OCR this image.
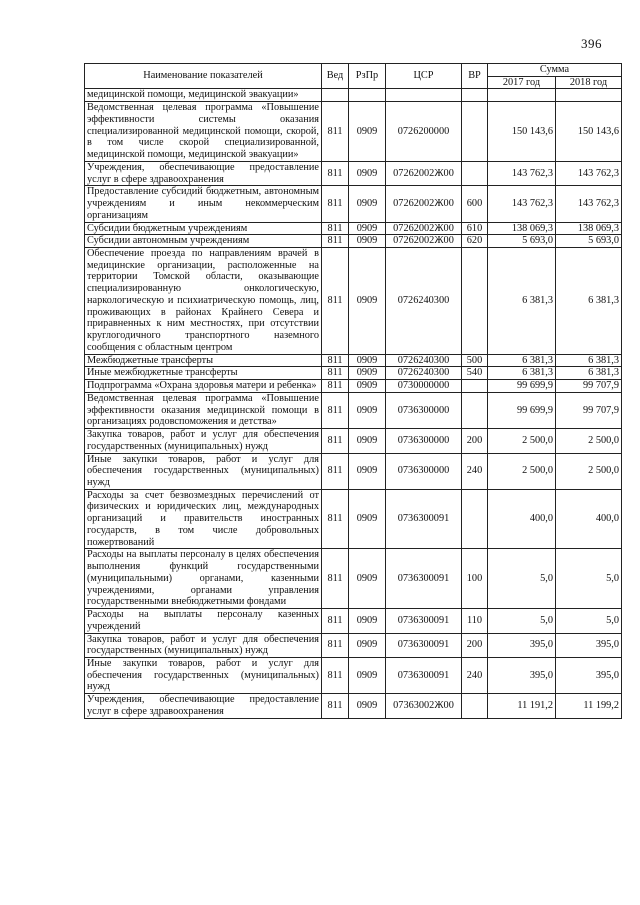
396
Наименование показателей	Вед	РзПр	ЦСР	ВР	Сумма	
					2017 год	2018 год
медицинской помощи, медицинской эвакуации»						
Ведомственная целевая программа «Повышение эффективности системы оказания специализированной медицинской помощи, скорой, в том числе скорой специализированной, медицинской помощи, медицинской эвакуации»	811	0909	0726200000		150 143,6	150 143,6
Учреждения, обеспечивающие предоставление услуг в сфере здравоохранения	811	0909	07262002Ж00		143 762,3	143 762,3
Предоставление субсидий бюджетным, автономным учреждениям и иным некоммерческим организациям	811	0909	07262002Ж00	600	143 762,3	143 762,3
Субсидии бюджетным учреждениям	811	0909	07262002Ж00	610	138 069,3	138 069,3
Субсидии автономным учреждениям	811	0909	07262002Ж00	620	5 693,0	5 693,0
Обеспечение проезда по направлениям врачей в медицинские организации, расположенные на территории Томской области, оказывающие специализированную онкологическую, наркологическую и психиатрическую помощь, лиц, проживающих в районах Крайнего Севера и приравненных к ним местностях, при отсутствии круглогодичного транспортного наземного сообщения с областным центром	811	0909	0726240300		6 381,3	6 381,3
Межбюджетные трансферты	811	0909	0726240300	500	6 381,3	6 381,3
Иные межбюджетные трансферты	811	0909	0726240300	540	6 381,3	6 381,3
Подпрограмма «Охрана здоровья матери и ребенка»	811	0909	0730000000		99 699,9	99 707,9
Ведомственная целевая программа «Повышение эффективности оказания медицинской помощи в организациях родовспоможения и детства»	811	0909	0736300000		99 699,9	99 707,9
Закупка товаров, работ и услуг для обеспечения государственных (муниципальных) нужд	811	0909	0736300000	200	2 500,0	2 500,0
Иные закупки товаров, работ и услуг для обеспечения государственных (муниципальных) нужд	811	0909	0736300000	240	2 500,0	2 500,0
Расходы за счет безвозмездных перечислений от физических и юридических лиц, международных организаций и правительств иностранных государств, в том числе добровольных пожертвований	811	0909	0736300091		400,0	400,0
Расходы на выплаты персоналу в целях обеспечения выполнения функций государственными (муниципальными) органами, казенными учреждениями, органами управления государственными внебюджетными фондами	811	0909	0736300091	100	5,0	5,0
Расходы на выплаты персоналу казенных учреждений	811	0909	0736300091	110	5,0	5,0
Закупка товаров, работ и услуг для обеспечения государственных (муниципальных) нужд	811	0909	0736300091	200	395,0	395,0
Иные закупки товаров, работ и услуг для обеспечения государственных (муниципальных) нужд	811	0909	0736300091	240	395,0	395,0
Учреждения, обеспечивающие предоставление услуг в сфере здравоохранения	811	0909	07363002Ж00		11 191,2	11 199,2
